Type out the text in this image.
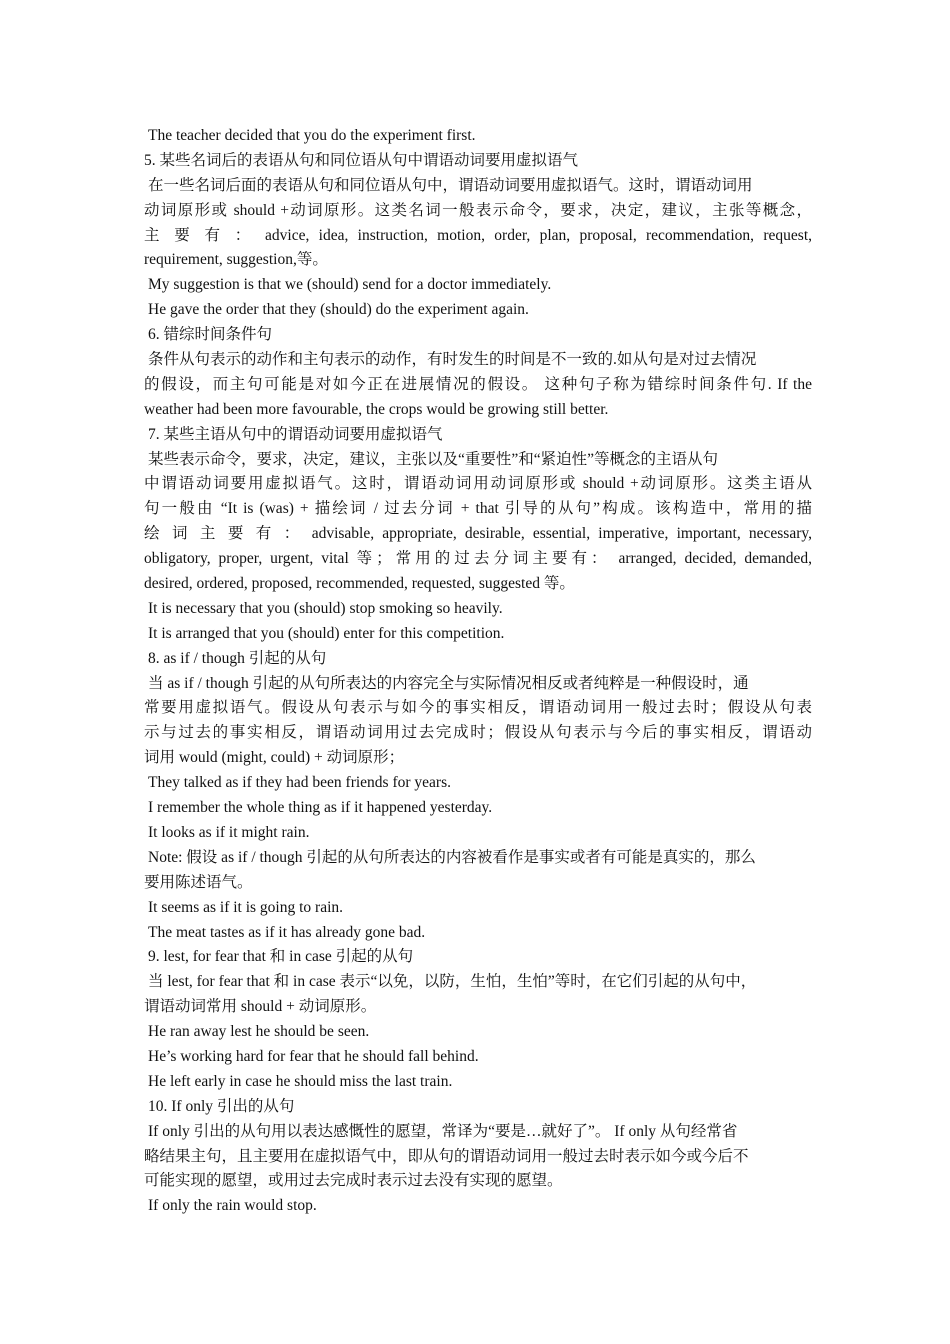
The teacher decided that you do the experiment first.
5. 某些名词后的表语从句和同位语从句中谓语动词要用虚拟语气
在一些名词后面的表语从句和同位语从句中，谓语动词要用虚拟语气。这时，谓语动词用
动词原形或 should +动词原形。这类名词一般表示命令，要求，决定，建议，主张等概念，
主 要 有 ： advice, idea, instruction, motion, order, plan, proposal, recommendation, request,
requirement, suggestion,等。
My suggestion is that we (should) send for a doctor immediately.
He gave the order that they (should) do the experiment again.
6. 错综时间条件句
条件从句表示的动作和主句表示的动作，有时发生的时间是不一致的.如从句是对过去情况
的假设，而主句可能是对如今正在进展情况的假设。 这种句子称为错综时间条件句. If the
weather had been more favourable, the crops would be growing still better.
7. 某些主语从句中的谓语动词要用虚拟语气
某些表示命令，要求，决定，建议，主张以及“重要性”和“紧迫性”等概念的主语从句
中谓语动词要用虚拟语气。这时，谓语动词用动词原形或 should +动词原形。这类主语从
句一般由 “It is (was) + 描绘词 / 过去分词 + that 引导的从句”构成。该构造中，常用的描
绘 词 主 要 有 ： advisable, appropriate, desirable, essential, imperative, important, necessary,
obligatory, proper, urgent, vital 等；常用的过去分词主要有： arranged, decided, demanded,
desired, ordered, proposed, recommended, requested, suggested 等。
It is necessary that you (should) stop smoking so heavily.
It is arranged that you (should) enter for this competition.
8. as if / though 引起的从句
当 as if / though 引起的从句所表达的内容完全与实际情况相反或者纯粹是一种假设时，通
常要用虚拟语气。假设从句表示与如今的事实相反，谓语动词用一般过去时；假设从句表
示与过去的事实相反，谓语动词用过去完成时；假设从句表示与今后的事实相反，谓语动
词用 would (might, could) + 动词原形；
They talked as if they had been friends for years.
I remember the whole thing as if it happened yesterday.
It looks as if it might rain.
Note: 假设 as if / though 引起的从句所表达的内容被看作是事实或者有可能是真实的，那么
要用陈述语气。
It seems as if it is going to rain.
The meat tastes as if it has already gone bad.
9. lest, for fear that 和 in case 引起的从句
当 lest, for fear that 和 in case 表示“以免，以防，生怕，生怕”等时，在它们引起的从句中，
谓语动词常用 should + 动词原形。
He ran away lest he should be seen.
He’s working hard for fear that he should fall behind.
He left early in case he should miss the last train.
10. If only 引出的从句
If only 引出的从句用以表达感慨性的愿望，常译为“要是…就好了”。 If only 从句经常省
略结果主句，且主要用在虚拟语气中，即从句的谓语动词用一般过去时表示如今或今后不
可能实现的愿望，或用过去完成时表示过去没有实现的愿望。
If only the rain would stop.
